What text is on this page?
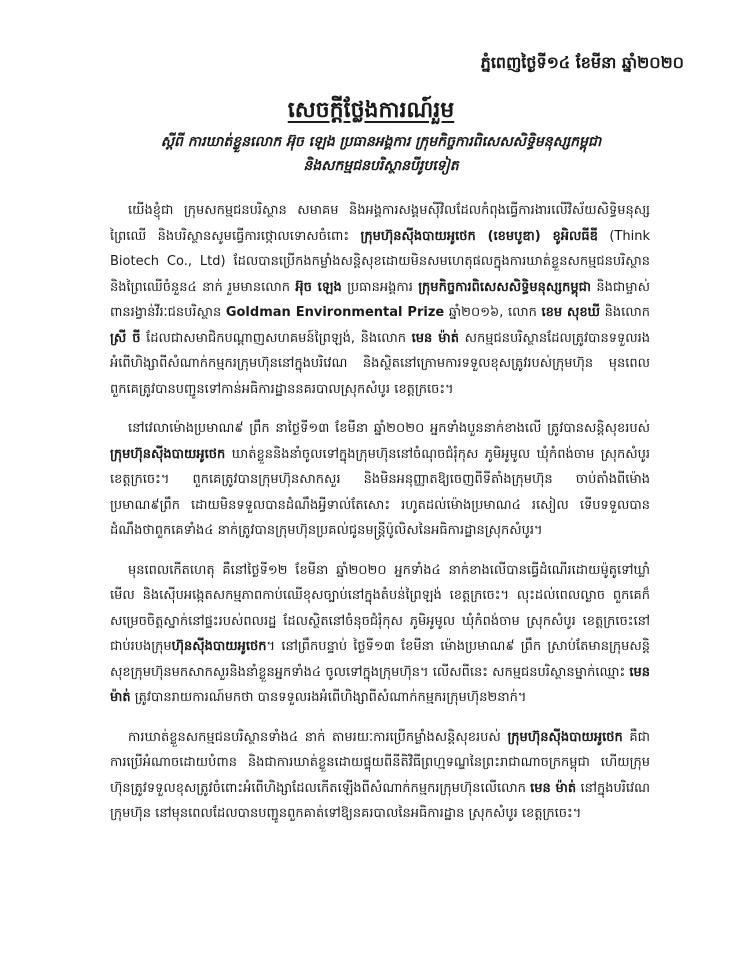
ភ្នំពេញថ្ងៃទី១៤ ខែមីនា ឆ្នាំ២០២០
សេចក្តីថ្លែងការណ៍រួម
ស្តីពី ការឃាត់ខ្លួនលោក អ៊ុច ឡេង ប្រធានអង្គការ ក្រុមកិច្ចការពិសេសសិទ្ធិមនុស្សកម្ពុជា
និងសកម្មជនបរិស្ថានបីរូបទៀត

យើងខ្ញុំជា ក្រុមសកម្មជនបរិស្ថាន សមាគម និងអង្គការសង្គមស៊ីវិលដែលកំពុងធ្វើការងារលើវិស័យសិទ្ធិមនុស្ស ព្រៃឈើ និងបរិស្ថានសូមធ្វើការថ្កោលទោសចំពោះ ក្រុមហ៊ុនស៊ីងបាយអូថេក (ខេមបូឌា) ខូអិលធីឌី (Think Biotech Co., Ltd) ដែលបានប្រើកងកម្លាំងសន្តិសុខដោយមិនសមហេតុផលក្នុងការឃាត់ខ្លួនសកម្មជនបរិស្ថាន និងព្រៃឈើចំនួន៤ នាក់ រួមមានលោក អ៊ុច ឡេង ប្រធានអង្គការ ក្រុមកិច្ចការពិសេសសិទ្ធិមនុស្សកម្ពុជា និងជាម្ចាស់ពានរង្វាន់វីរៈជនបរិស្ថាន Goldman Environmental Prize ឆ្នាំ២០១៦, លោក ខេម សុខឃី និងលោក ស្រី ចី ដែលជាសមាជិកបណ្តាញសហគមន៍ព្រៃឡង់, និងលោក មេន ម៉ាត់ សកម្មជនបរិស្ថានដែលត្រូវបានទទួលរងអំពើហិង្សាពីសំណាក់កម្មករក្រុមហ៊ុននៅក្នុងបរិវេណ និងស្ថិតនៅក្រោមការទទួលខុសត្រូវរបស់ក្រុមហ៊ុន មុនពេលពួកគេត្រូវបានបញ្ជូនទៅកាន់អធិការដ្ឋាននគរបាលស្រុកសំបូរ ខេត្តក្រចេះ។

នៅវេលាម៉ោងប្រមាណ៩ ព្រឹក នាថ្ងៃទី១៣ ខែមីនា ឆ្នាំ២០២០ អ្នកទាំងបួននាក់ខាងលើ ត្រូវបានសន្តិសុខរបស់ ក្រុមហ៊ុនស៊ីងបាយអូថេក ឃាត់ខ្លួននិងនាំចូលទៅក្នុងក្រុមហ៊ុននៅចំណុចជំរុំកុស ភូមិអូមូល ឃុំកំពង់ចាម ស្រុកសំបូរ ខេត្តក្រចេះ។ ពួកគេត្រូវបានក្រុមហ៊ុនសាកសួរ និងមិនអនុញ្ញាតឱ្យចេញពីទីតាំងក្រុមហ៊ុន ចាប់តាំងពីម៉ោងប្រមាណ៩ព្រឹក ដោយមិនទទួលបានដំណឹងអ្វីទាល់តែសោះ រហូតដល់ម៉ោងប្រមាណ៤ រសៀល ទើបទទួលបានដំណឹងថាពួកគេទាំង៤ នាក់ត្រូវបានក្រុមហ៊ុនប្រគល់ជូនមន្ត្រីប៉ូលិសនៃអធិការដ្ឋានស្រុកសំបូរ។

មុនពេលកើតហេតុ គឺនៅថ្ងៃទី១២ ខែមីនា ឆ្នាំ២០២០ អ្នកទាំង៤ នាក់ខាងលើបានធ្វើដំណើរដោយម៉ូតូទៅឃ្លាំមើល និងស៊ើបអង្កេតសកម្មភាពកាប់ឈើខុសច្បាប់នៅក្នុងតំបន់ព្រៃឡង់ ខេត្តក្រចេះ។ លុះដល់ពេលល្ងាច ពួកគេក៏សម្រេចចិត្តស្នាក់នៅផ្ទះរបស់ពលរដ្ឋ ដែលស្ថិតនៅចំនុចជំរុំកុស ភូមិអូមូល ឃុំកំពង់ចាម ស្រុកសំបូរ ខេត្តក្រចេះនៅជាប់របងក្រុមហ៊ុនស៊ីងបាយអូថេក។ នៅព្រឹកបន្ទាប់ ថ្ងៃទី១៣ ខែមីនា ម៉ោងប្រមាណ៩ ព្រឹក ស្រាប់តែមានក្រុមសន្តិសុខក្រុមហ៊ុនមកសាកសួរនិងនាំខ្លួនអ្នកទាំង៤ ចូលទៅក្នុងក្រុមហ៊ុន។ លើសពីនេះ សកម្មជនបរិស្ថានម្នាក់ឈ្មោះ មេន ម៉ាត់ ត្រូវបានរាយការណ៍មកថា បានទទួលរងអំពើហិង្សាពីសំណាក់កម្មករក្រុមហ៊ុន២នាក់។

ការឃាត់ខ្លួនសកម្មជនបរិស្ថានទាំង៤ នាក់ តាមរយៈការប្រើកម្លាំងសន្តិសុខរបស់ ក្រុមហ៊ុនស៊ីងបាយអូថេក គឺជាការប្រើអំណាចដោយបំពាន និងជាការឃាត់ខ្លួនដោយផ្ទុយពីនីតិវិធីព្រហ្មទណ្ឌនៃព្រះរាជាណាចក្រកម្ពុជា ហើយក្រុមហ៊ុនត្រូវទទួលខុសត្រូវចំពោះអំពើហិង្សាដែលកើតឡើងពីសំណាក់កម្មករក្រុមហ៊ុនលើលោក មេន ម៉ាត់ នៅក្នុងបរិវេណក្រុមហ៊ុន នៅមុនពេលដែលបានបញ្ជូនពួកគាត់ទៅឱ្យនគរបាលនៃអធិការដ្ឋាន ស្រុកសំបូរ ខេត្តក្រចេះ។
